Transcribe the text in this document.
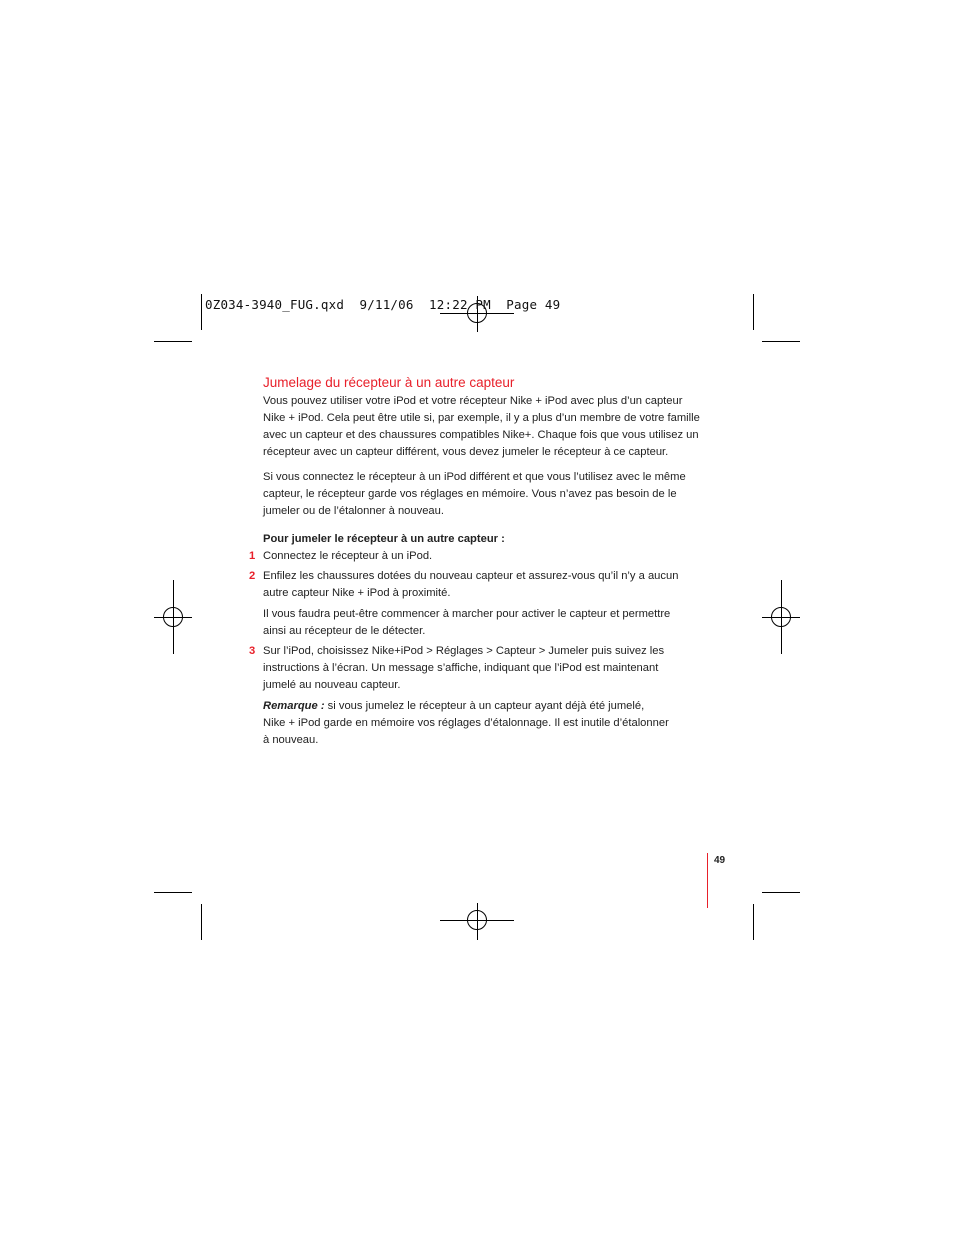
0Z034-3940_FUG.qxd  9/11/06  12:22 PM  Page 49
Jumelage du récepteur à un autre capteur
Vous pouvez utiliser votre iPod et votre récepteur Nike + iPod avec plus d’un capteur
Nike + iPod. Cela peut être utile si, par exemple, il y a plus d’un membre de votre famille
avec un capteur et des chaussures compatibles Nike+. Chaque fois que vous utilisez un
récepteur avec un capteur différent, vous devez jumeler le récepteur à ce capteur.
Si vous connectez le récepteur à un iPod différent et que vous l’utilisez avec le même
capteur, le récepteur garde vos réglages en mémoire. Vous n’avez pas besoin de le
jumeler ou de l’étalonner à nouveau.
Pour jumeler le récepteur à un autre capteur :
1 Connectez le récepteur à un iPod.
2 Enfilez les chaussures dotées du nouveau capteur et assurez-vous qu’il n’y a aucun
autre capteur Nike + iPod à proximité.
Il vous faudra peut-être commencer à marcher pour activer le capteur et permettre
ainsi au récepteur de le détecter.
3 Sur l’iPod, choisissez Nike+iPod > Réglages > Capteur > Jumeler puis suivez les
instructions à l’écran. Un message s’affiche, indiquant que l’iPod est maintenant
jumelé au nouveau capteur.
Remarque : si vous jumelez le récepteur à un capteur ayant déjà été jumelé,
Nike + iPod garde en mémoire vos réglages d’étalonnage. Il est inutile d’étalonner
à nouveau.
49
